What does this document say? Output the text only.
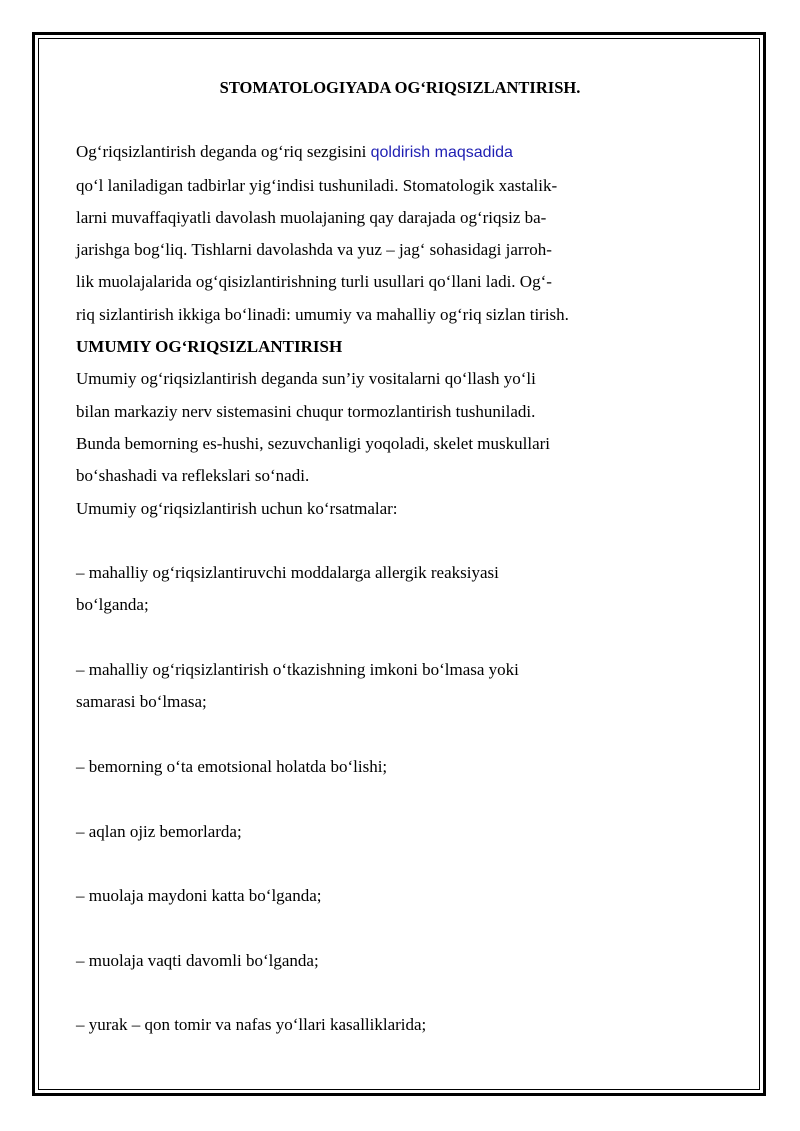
STOMATOLOGIYADA OG‘RIQSIZLANTIRISH.
Og‘riqsizlantirish deganda og‘riq sezgisini qoldirish maqsadida
qo‘l laniladigan tadbirlar yig‘indisi tushuniladi. Stomatologik xastalik-
larni muvaffaqiyatli davolash muolajaning qay darajada og‘riqsiz ba-
jarishga bog‘liq. Tishlarni davolashda va yuz – jag‘ sohasidagi jarroh-
lik muolajalarida og‘qisizlantirishning turli usullari qo‘llani ladi. Og‘-
riq sizlantirish ikkiga bo‘linadi: umumiy va mahalliy og‘riq sizlan tirish.
UMUMIY OG‘RIQSIZLANTIRISH
Umumiy og‘riqsizlantirish deganda sun’iy vositalarni qo‘llash yo‘li
bilan markaziy nerv sistemasini chuqur tormozlantirish tushuniladi.
Bunda bemorning es-hushi, sezuvchanligi yoqoladi, skelet muskullari
bo‘shashadi va reflekslari so‘nadi.
Umumiy og‘riqsizlantirish uchun ko‘rsatmalar:
– mahalliy og‘riqsizlantiruvchi moddalarga allergik reaksiyasi
bo‘lganda;
– mahalliy og‘riqsizlantirish o‘tkazishning imkoni bo‘lmasa yoki
samarasi bo‘lmasa;
– bemorning o‘ta emotsional holatda bo‘lishi;
– aqlan ojiz bemorlarda;
– muolaja maydoni katta bo‘lganda;
– muolaja vaqti davomli bo‘lganda;
– yurak – qon tomir va nafas yo‘llari kasalliklarida;
